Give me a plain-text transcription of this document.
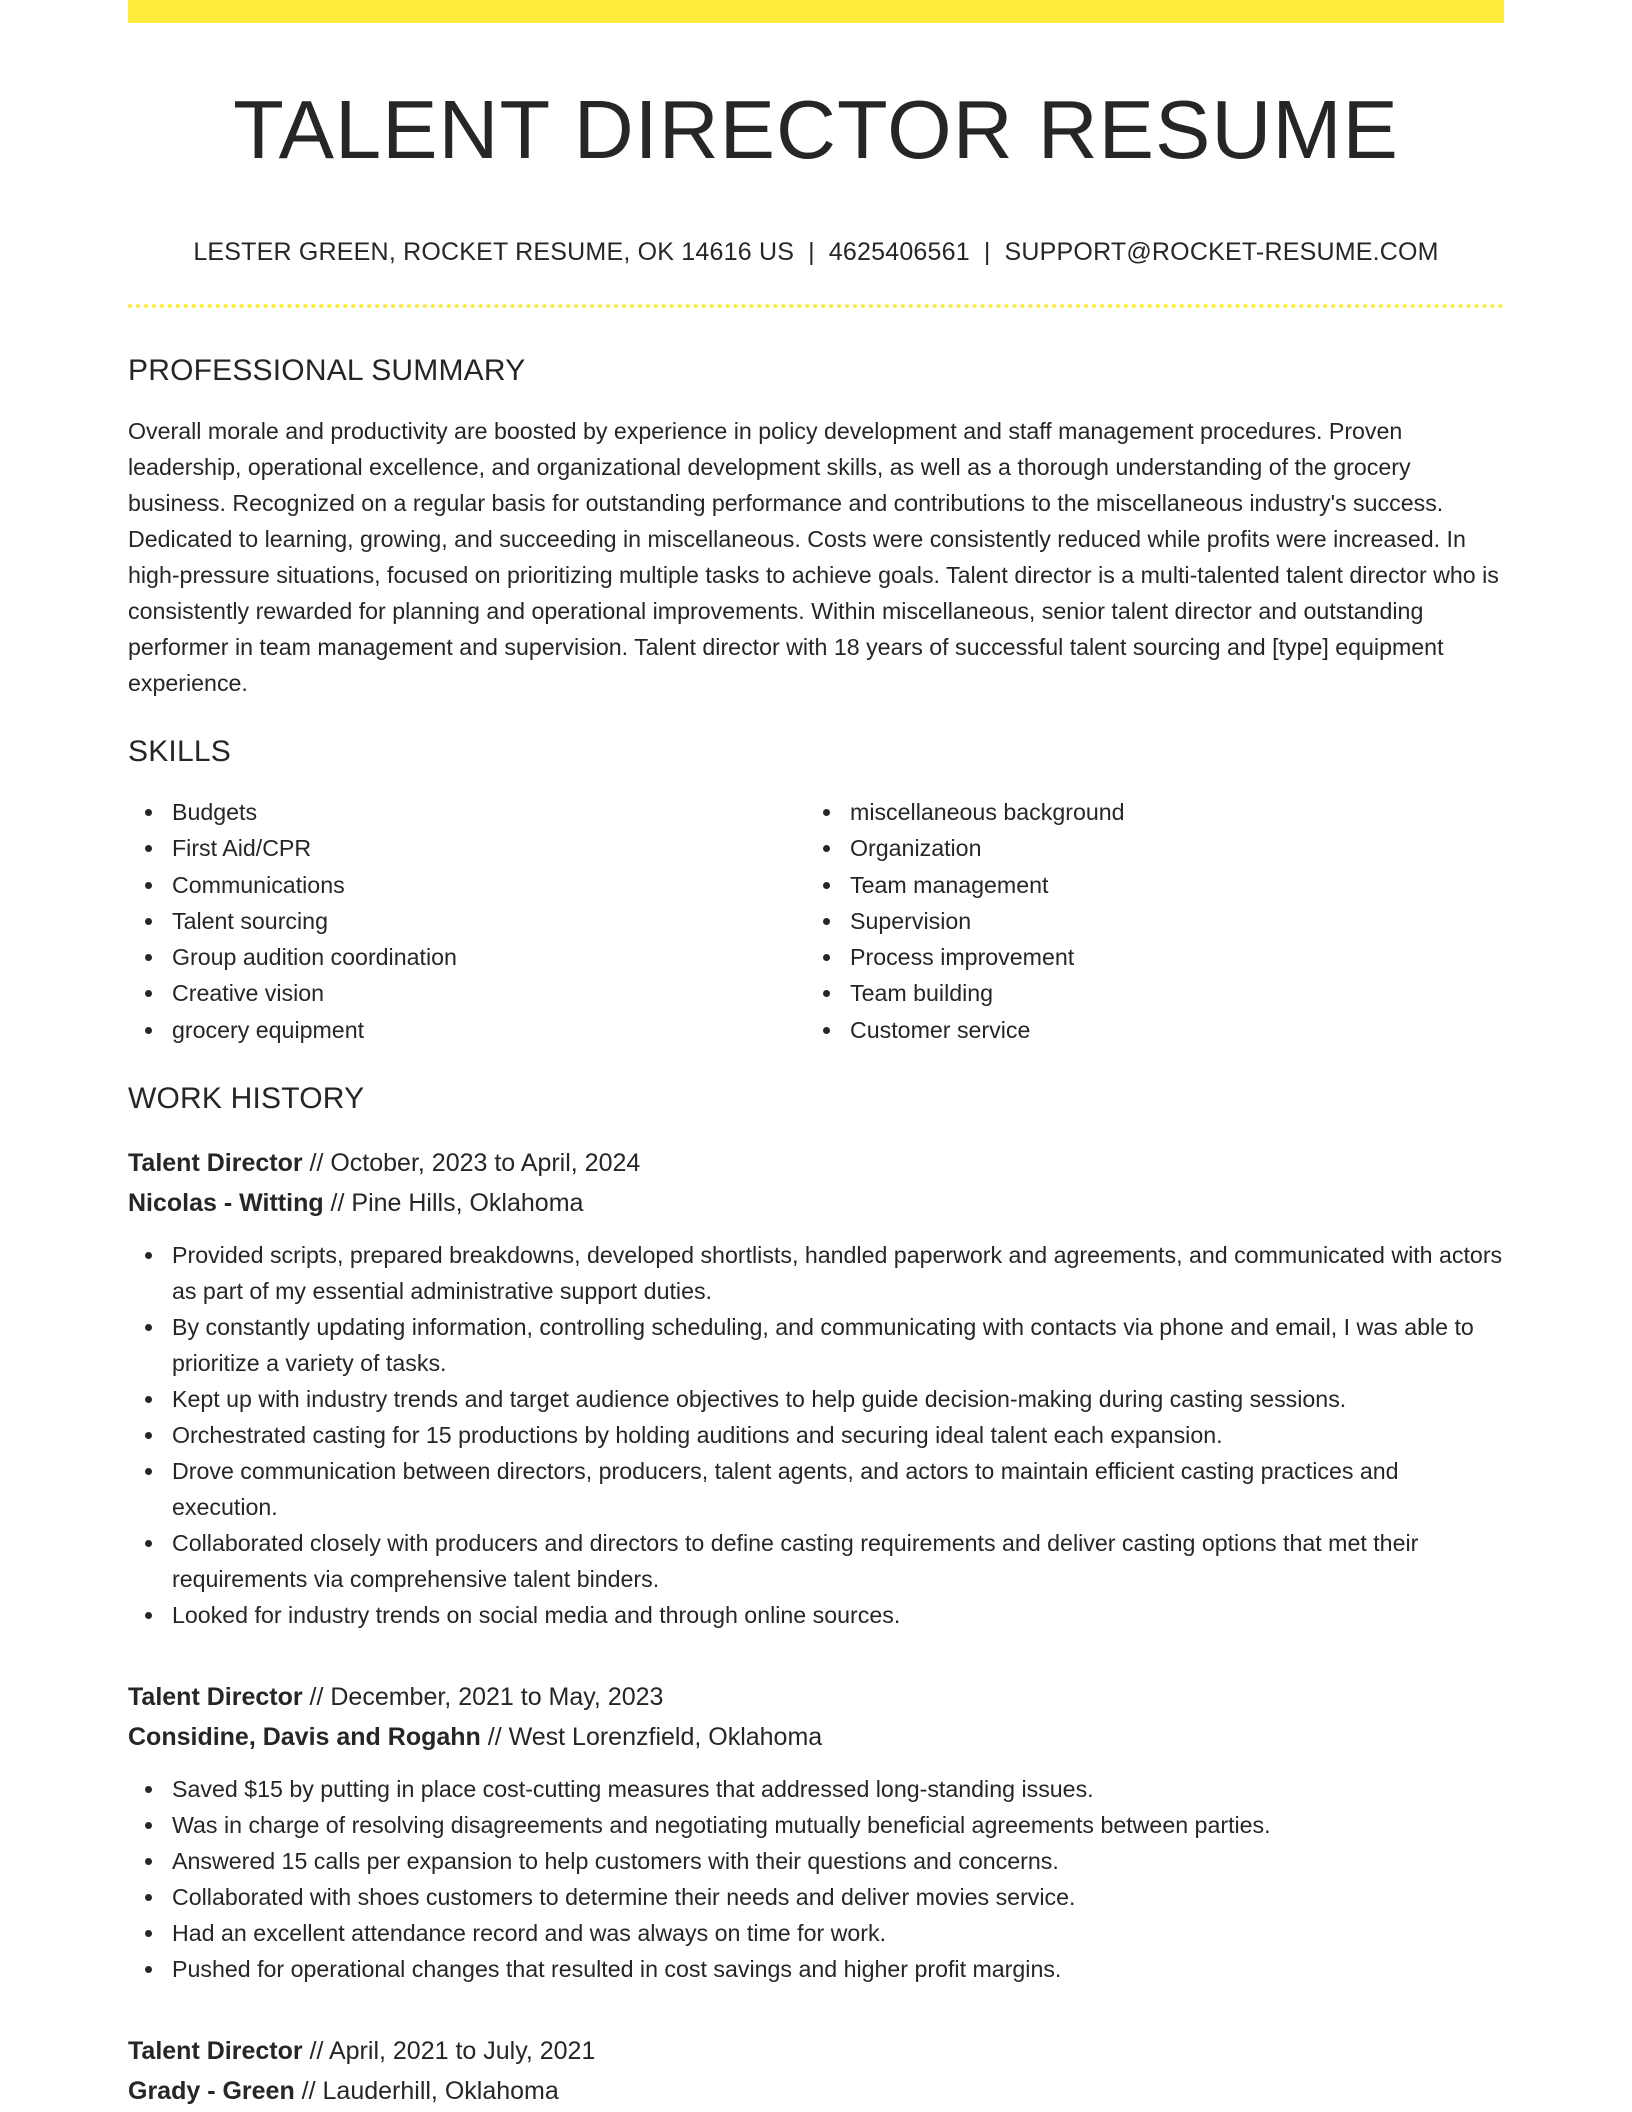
TALENT DIRECTOR RESUME
LESTER GREEN, ROCKET RESUME, OK 14616 US | 4625406561 | SUPPORT@ROCKET-RESUME.COM
PROFESSIONAL SUMMARY

Overall morale and productivity are boosted by experience in policy development and staff management procedures. Proven leadership, operational excellence, and organizational development skills, as well as a thorough understanding of the grocery business. Recognized on a regular basis for outstanding performance and contributions to the miscellaneous industry's success. Dedicated to learning, growing, and succeeding in miscellaneous. Costs were consistently reduced while profits were increased. In high-pressure situations, focused on prioritizing multiple tasks to achieve goals. Talent director is a multi-talented talent director who is consistently rewarded for planning and operational improvements. Within miscellaneous, senior talent director and outstanding performer in team management and supervision. Talent director with 18 years of successful talent sourcing and [type] equipment experience.

SKILLS
Budgets
First Aid/CPR
Communications
Talent sourcing
Group audition coordination
Creative vision
grocery equipment
miscellaneous background
Organization
Team management
Supervision
Process improvement
Team building
Customer service
WORK HISTORY
Talent Director // October, 2023 to April, 2024
Nicolas - Witting // Pine Hills, Oklahoma
Provided scripts, prepared breakdowns, developed shortlists, handled paperwork and agreements, and communicated with actors as part of my essential administrative support duties.
By constantly updating information, controlling scheduling, and communicating with contacts via phone and email, I was able to prioritize a variety of tasks.
Kept up with industry trends and target audience objectives to help guide decision-making during casting sessions.
Orchestrated casting for 15 productions by holding auditions and securing ideal talent each expansion.
Drove communication between directors, producers, talent agents, and actors to maintain efficient casting practices and execution.
Collaborated closely with producers and directors to define casting requirements and deliver casting options that met their requirements via comprehensive talent binders.
Looked for industry trends on social media and through online sources.
Talent Director // December, 2021 to May, 2023
Considine, Davis and Rogahn // West Lorenzfield, Oklahoma
Saved $15 by putting in place cost-cutting measures that addressed long-standing issues.
Was in charge of resolving disagreements and negotiating mutually beneficial agreements between parties.
Answered 15 calls per expansion to help customers with their questions and concerns.
Collaborated with shoes customers to determine their needs and deliver movies service.
Had an excellent attendance record and was always on time for work.
Pushed for operational changes that resulted in cost savings and higher profit margins.
Talent Director // April, 2021 to July, 2021
Grady - Green // Lauderhill, Oklahoma
